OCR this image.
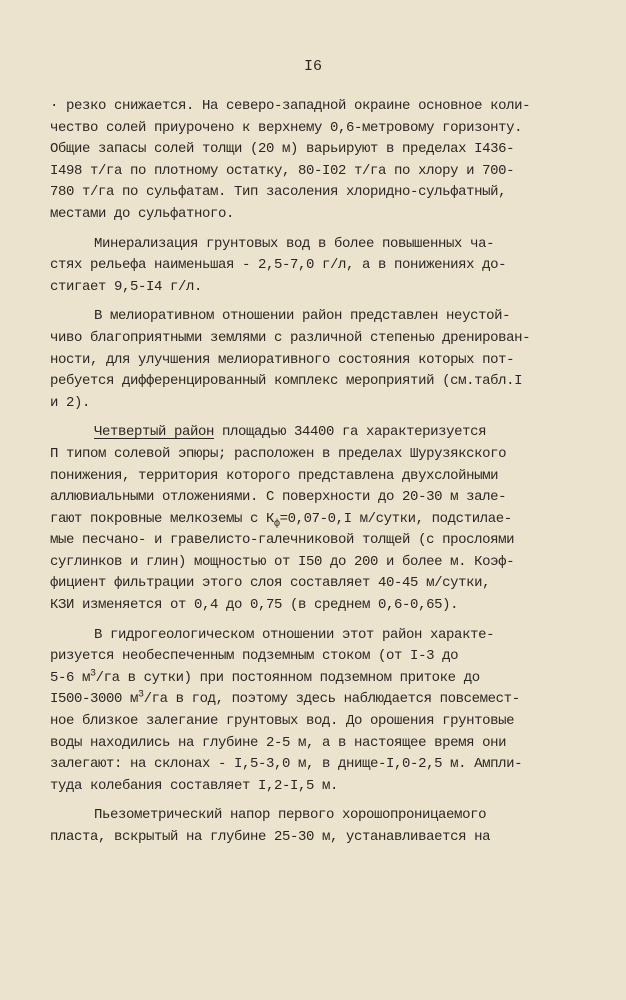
I6
· резко снижается. На северо-западной окраине основное коли-
чество солей приурочено к верхнему 0,6-метровому горизонту.
Общие запасы солей толщи (20 м) варьируют в пределах I436-
I498 т/га по плотному остатку, 80-I02 т/га по хлору и 700-
780 т/га по сульфатам. Тип засоления хлоридно-сульфатный,
местами до сульфатного.
Минерализация грунтовых вод в более повышенных ча-
стях рельефа наименьшая - 2,5-7,0 г/л, а в понижениях до-
стигает 9,5-I4 г/л.
В мелиоративном отношении район представлен неустой-
чиво благоприятными землями с различной степенью дренирован-
ности, для улучшения мелиоративного состояния которых пот-
ребуется дифференцированный комплекс мероприятий (см.табл.I
и 2).
Четвертый район площадью 34400 га характеризуется
П типом солевой эпюры; расположен в пределах Шурузякского
понижения, территория которого представлена двухслойными
аллювиальными отложениями. С поверхности до 20-30 м зале-
гают покровные мелкоземы с $К_ф=0,07-0,I$ м/сутки, подстилае-
мые песчано- и гравелисто-галечниковой толщей (с прослоями
суглинков и глин) мощностью от I50 до 200 и более м. Коэф-
фициент фильтрации этого слоя составляет 40-45 м/сутки,
КЗИ изменяется от 0,4 до 0,75 (в среднем 0,6-0,65).
В гидрогеологическом отношении этот район характе-
ризуется необеспеченным подземным стоком (от I-3 до
5-6 $м^3/га$ в сутки) при постоянном подземном притоке до
I500-3000 $м^3/га$ в год, поэтому здесь наблюдается повсемест-
ное близкое залегание грунтовых вод. До орошения грунтовые
воды находились на глубине 2-5 м, а в настоящее время они
залегают: на склонах - I,5-3,0 м, в днище-I,0-2,5 м. Ампли-
туда колебания составляет I,2-I,5 м.
Пьезометрический напор первого хорошопроницаемого
пласта, вскрытый на глубине 25-30 м, устанавливается на
